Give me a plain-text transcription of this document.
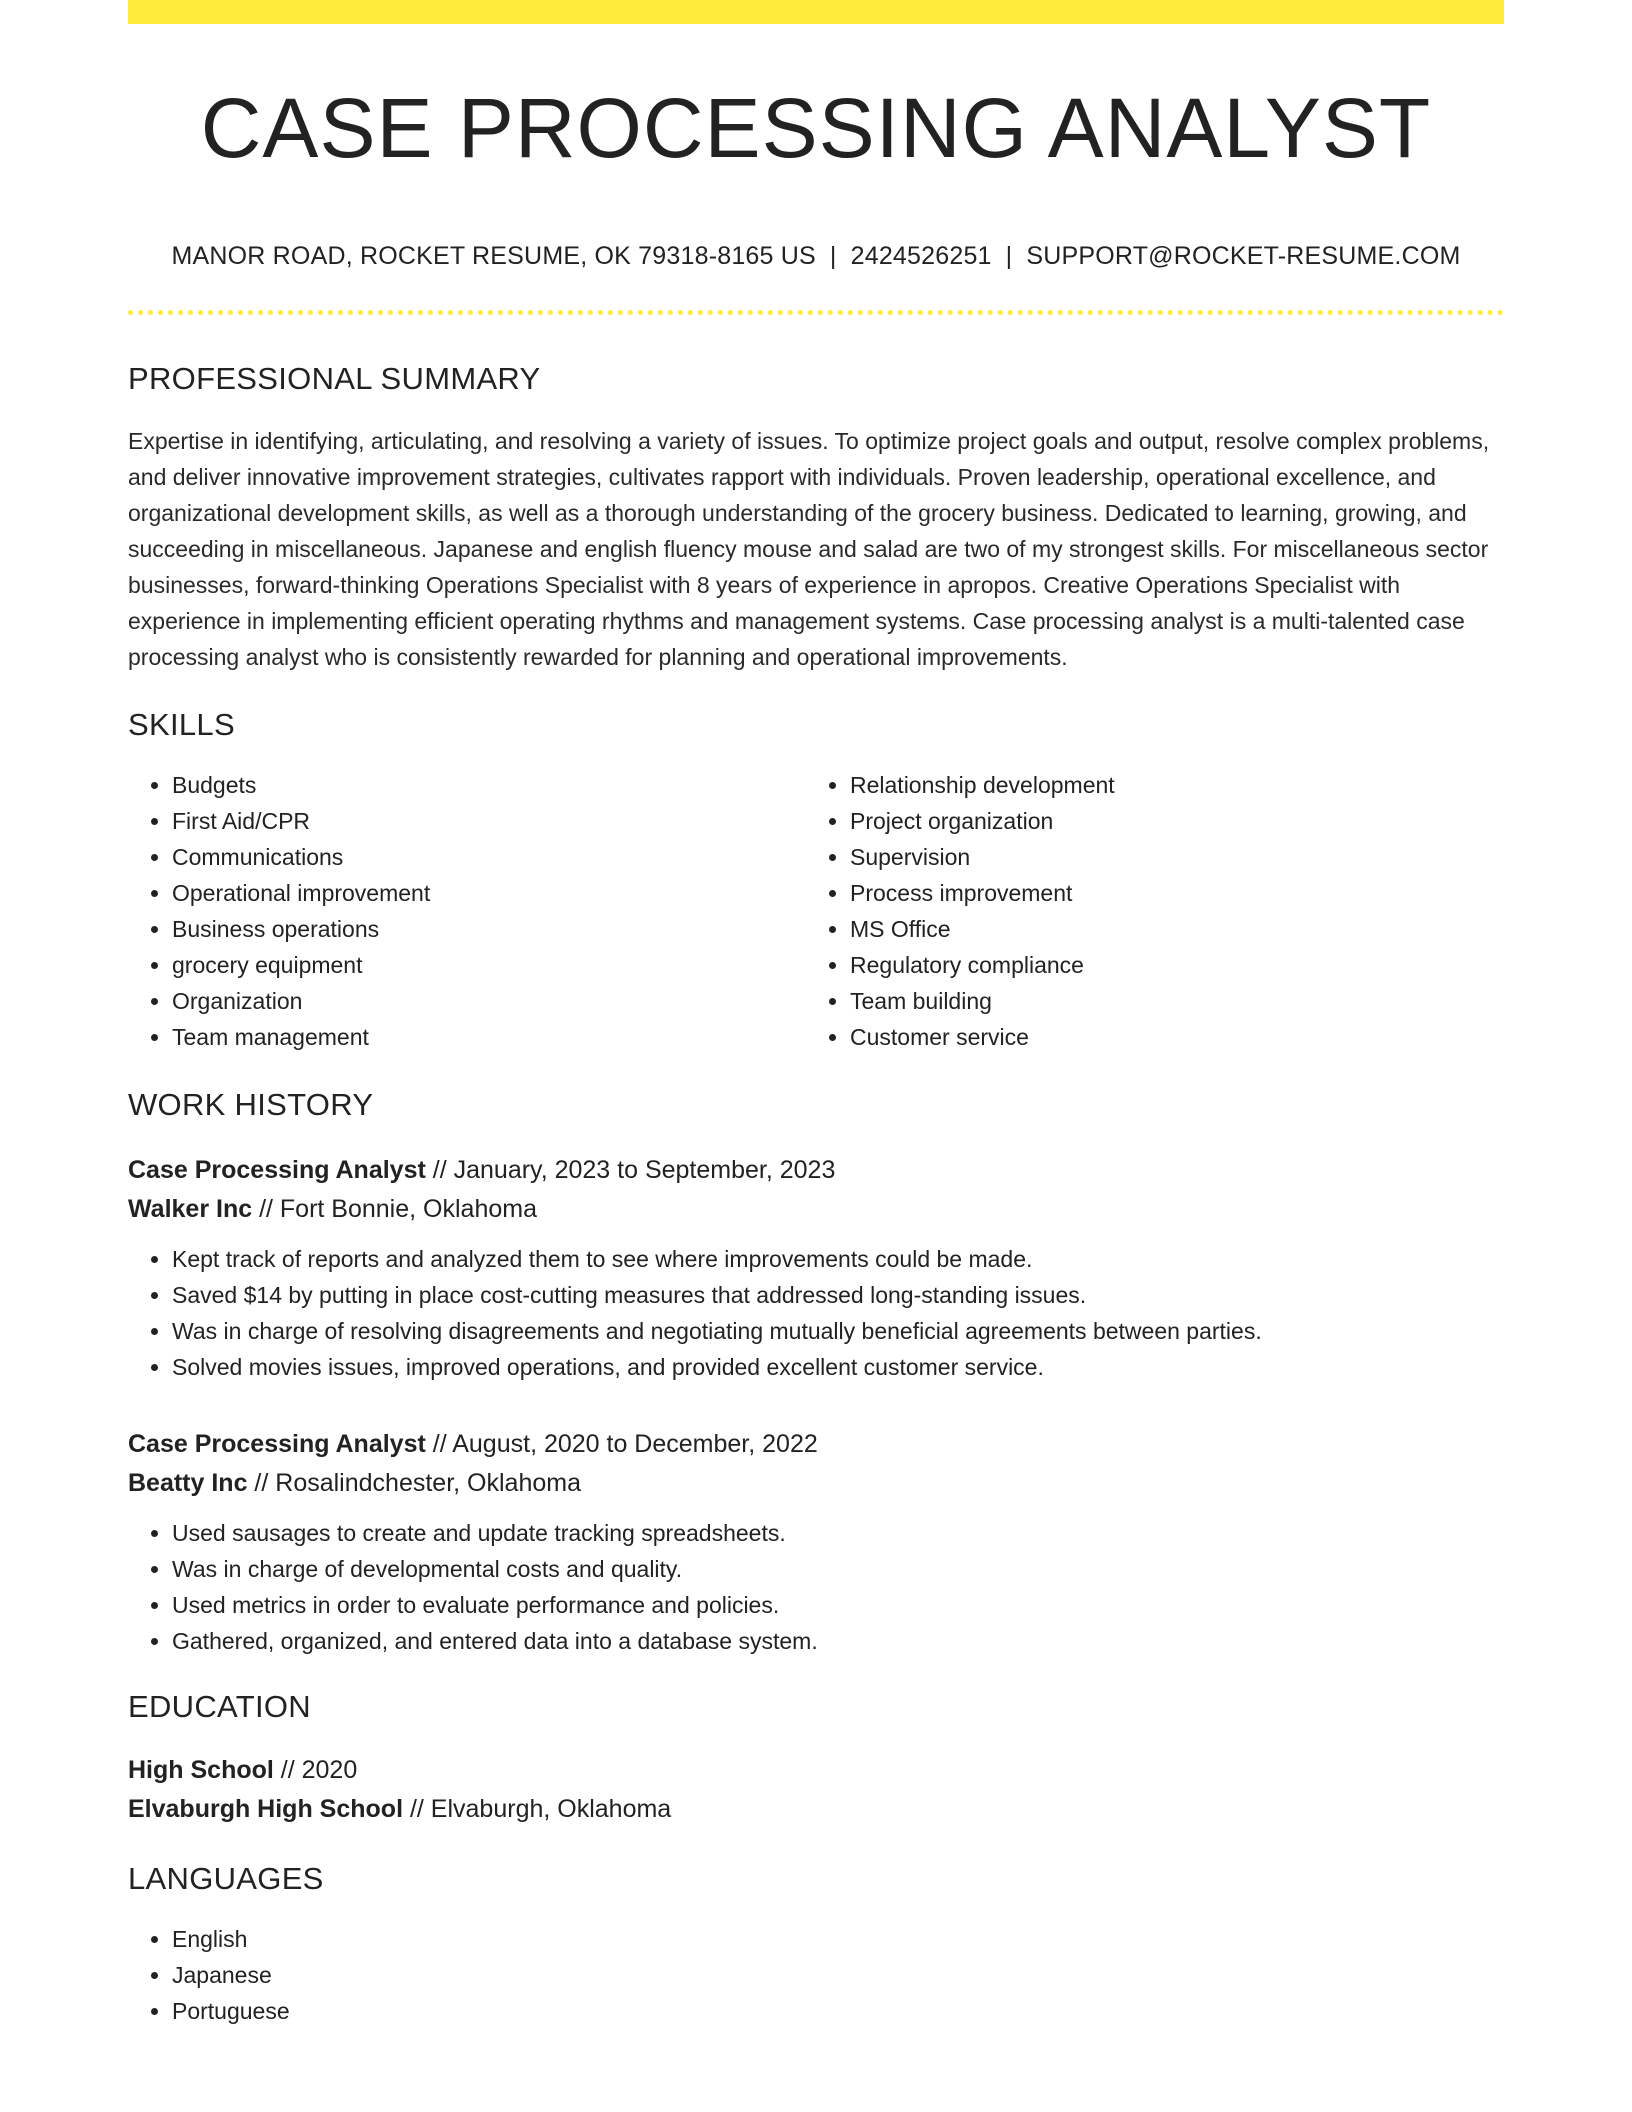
CASE PROCESSING ANALYST
MANOR ROAD, ROCKET RESUME, OK 79318-8165 US | 2424526251 | SUPPORT@ROCKET-RESUME.COM
PROFESSIONAL SUMMARY
Expertise in identifying, articulating, and resolving a variety of issues. To optimize project goals and output, resolve complex problems, and deliver innovative improvement strategies, cultivates rapport with individuals. Proven leadership, operational excellence, and organizational development skills, as well as a thorough understanding of the grocery business. Dedicated to learning, growing, and succeeding in miscellaneous. Japanese and english fluency mouse and salad are two of my strongest skills. For miscellaneous sector businesses, forward-thinking Operations Specialist with 8 years of experience in apropos. Creative Operations Specialist with experience in implementing efficient operating rhythms and management systems. Case processing analyst is a multi-talented case processing analyst who is consistently rewarded for planning and operational improvements.
SKILLS
• Budgets
• First Aid/CPR
• Communications
• Operational improvement
• Business operations
• grocery equipment
• Organization
• Team management
• Relationship development
• Project organization
• Supervision
• Process improvement
• MS Office
• Regulatory compliance
• Team building
• Customer service
WORK HISTORY
Case Processing Analyst // January, 2023 to September, 2023
Walker Inc // Fort Bonnie, Oklahoma
• Kept track of reports and analyzed them to see where improvements could be made.
• Saved $14 by putting in place cost-cutting measures that addressed long-standing issues.
• Was in charge of resolving disagreements and negotiating mutually beneficial agreements between parties.
• Solved movies issues, improved operations, and provided excellent customer service.
Case Processing Analyst // August, 2020 to December, 2022
Beatty Inc // Rosalindchester, Oklahoma
• Used sausages to create and update tracking spreadsheets.
• Was in charge of developmental costs and quality.
• Used metrics in order to evaluate performance and policies.
• Gathered, organized, and entered data into a database system.
EDUCATION
High School // 2020
Elvaburgh High School // Elvaburgh, Oklahoma
LANGUAGES
• English
• Japanese
• Portuguese
